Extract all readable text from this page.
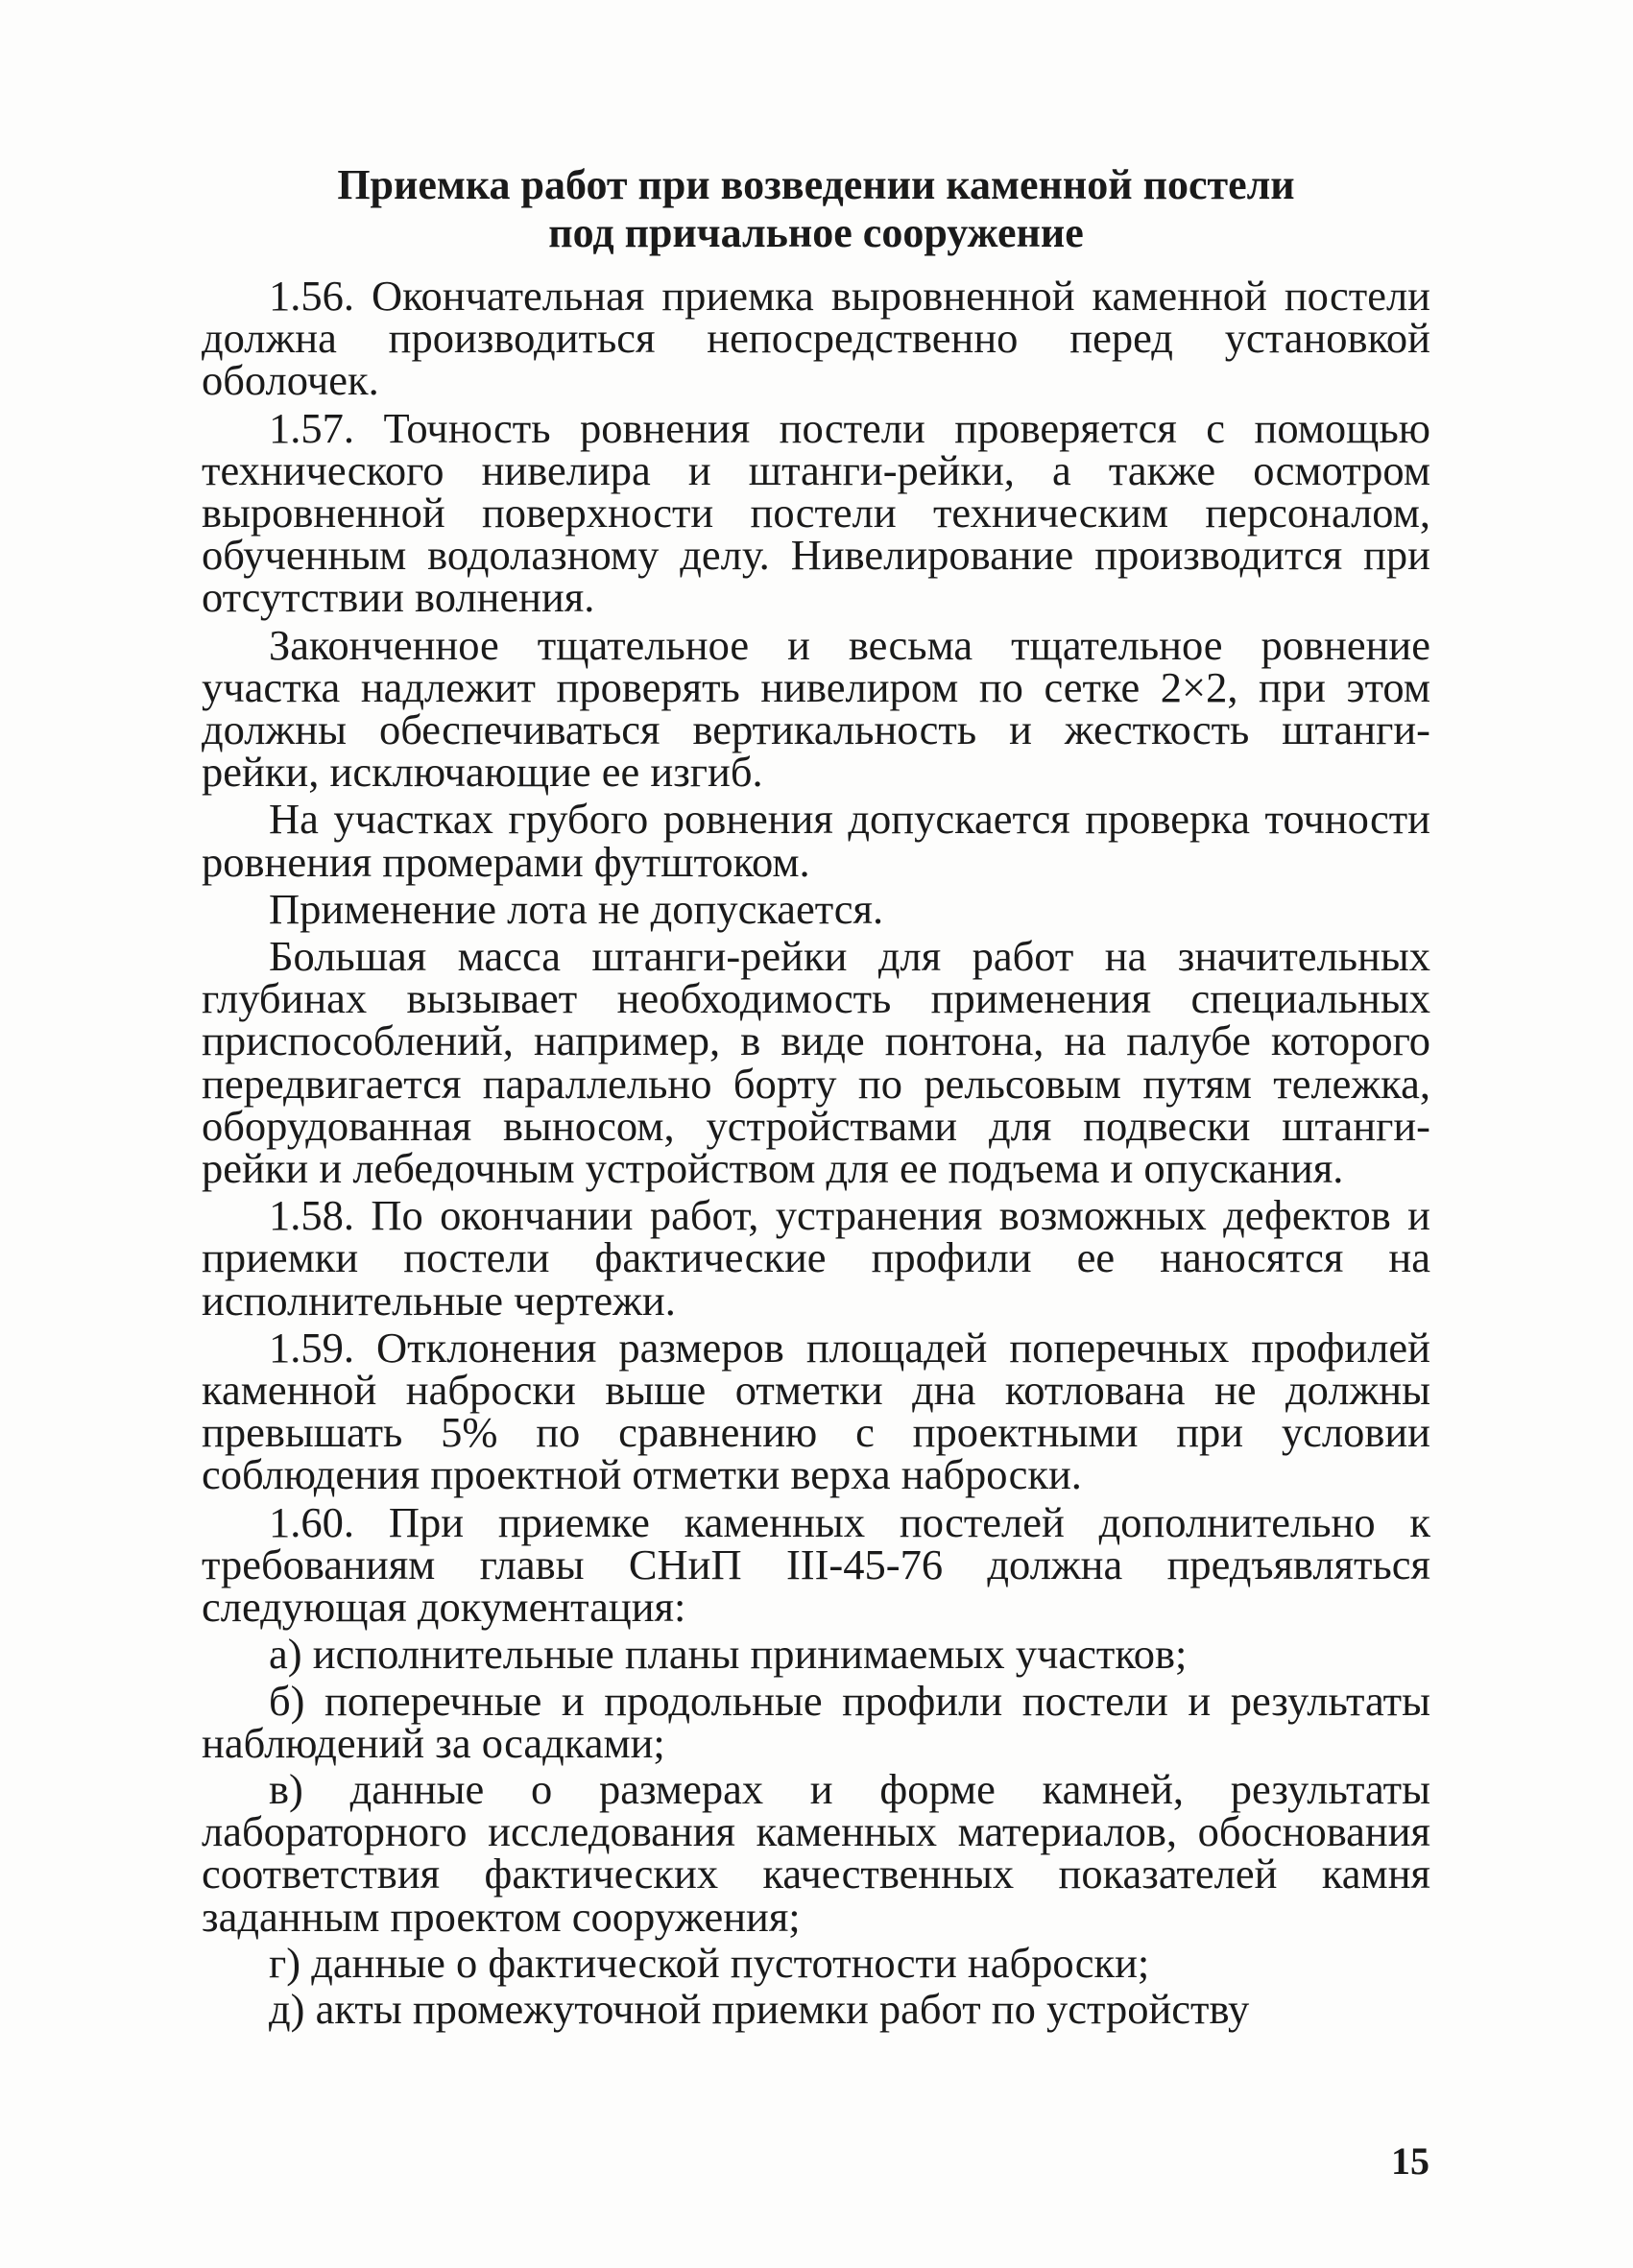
Приемка работ при возведении каменной постели
под причальное сооружение

1.56. Окончательная приемка выровненной каменной постели должна производиться непосредственно перед установкой оболочек.

1.57. Точность ровнения постели проверяется с помощью технического нивелира и штанги-рейки, а также осмотром выровненной поверхности постели техническим персоналом, обученным водолазному делу. Нивелирование производится при отсутствии волнения.

Законченное тщательное и весьма тщательное ровнение участка надлежит проверять нивелиром по сетке 2×2, при этом должны обеспечиваться вертикальность и жесткость штанги-рейки, исключающие ее изгиб.

На участках грубого ровнения допускается проверка точности ровнения промерами футштоком.

Применение лота не допускается.

Большая масса штанги-рейки для работ на значительных глубинах вызывает необходимость применения специальных приспособлений, например, в виде понтона, на палубе которого передвигается параллельно борту по рельсовым путям тележка, оборудованная выносом, устройствами для подвески штанги-рейки и лебедочным устройством для ее подъема и опускания.

1.58. По окончании работ, устранения возможных дефектов и приемки постели фактические профили ее наносятся на исполнительные чертежи.

1.59. Отклонения размеров площадей поперечных профилей каменной наброски выше отметки дна котлована не должны превышать 5% по сравнению с проектными при условии соблюдения проектной отметки верха наброски.

1.60. При приемке каменных постелей дополнительно к требованиям главы СНиП III-45-76 должна предъявляться следующая документация:

а) исполнительные планы принимаемых участков;

б) поперечные и продольные профили постели и результаты наблюдений за осадками;

в) данные о размерах и форме камней, результаты лабораторного исследования каменных материалов, обоснования соответствия фактических качественных показателей камня заданным проектом сооружения;

г) данные о фактической пустотности наброски;

д) акты промежуточной приемки работ по устройству

15
